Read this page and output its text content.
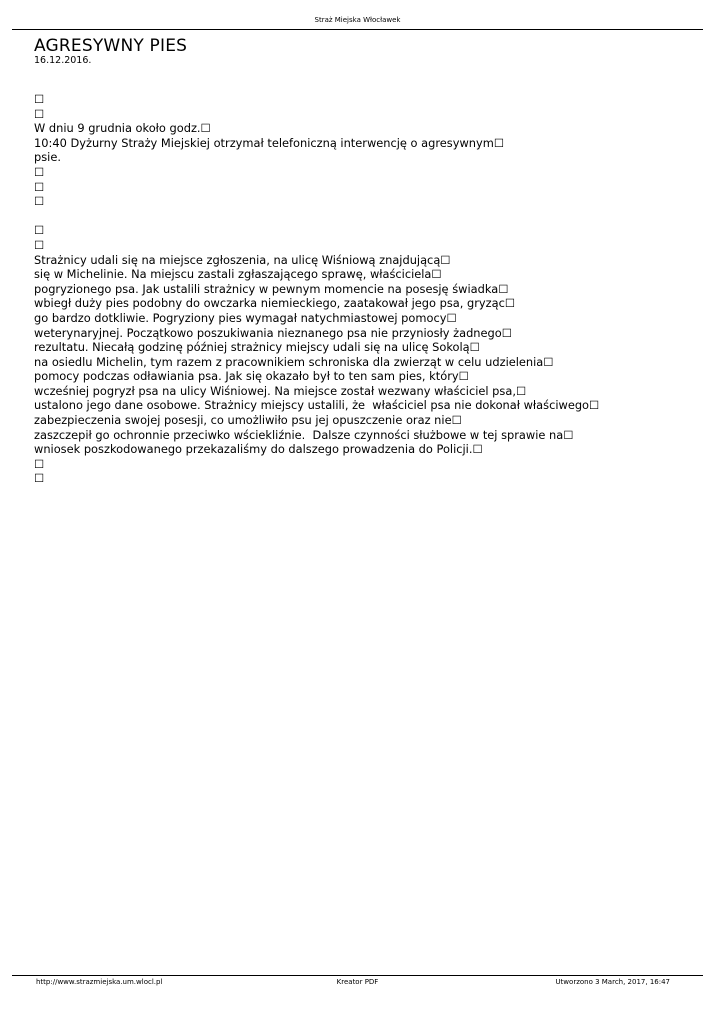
Straż Miejska Włocławek
AGRESYWNY PIES
16.12.2016.
☐
☐
W dniu 9 grudnia około godz.☐
10:40 Dyżurny Straży Miejskiej otrzymał telefoniczną interwencję o agresywnym☐
psie.
☐
☐
☐
☐
☐
Strażnicy udali się na miejsce zgłoszenia, na ulicę Wiśniową znajdującą☐
się w Michelinie. Na miejscu zastali zgłaszającego sprawę, właściciela☐
pogryzionego psa. Jak ustalili strażnicy w pewnym momencie na posesję świadka☐
wbiegł duży pies podobny do owczarka niemieckiego, zaatakował jego psa, gryząc☐
go bardzo dotkliwie. Pogryziony pies wymagał natychmiastowej pomocy☐
weterynaryjnej. Początkowo poszukiwania nieznanego psa nie przyniosły żadnego☐
rezultatu. Niecałą godzinę później strażnicy miejscy udali się na ulicę Sokolą☐
na osiedlu Michelin, tym razem z pracownikiem schroniska dla zwierząt w celu udzielenia☐
pomocy podczas odławiania psa. Jak się okazało był to ten sam pies, który☐
wcześniej pogryzł psa na ulicy Wiśniowej. Na miejsce został wezwany właściciel psa,☐
ustalono jego dane osobowe. Strażnicy miejscy ustalili, że  właściciel psa nie dokonał właściwego☐
zabezpieczenia swojej posesji, co umożliwiło psu jej opuszczenie oraz nie☐
zaszczepił go ochronnie przeciwko wściekliźnie.  Dalsze czynności służbowe w tej sprawie na☐
wniosek poszkodowanego przekazaliśmy do dalszego prowadzenia do Policji.☐
☐
☐
http://www.strazmiejska.um.wlocl.pl	Kreator PDF	Utworzono 3 March, 2017, 16:47
